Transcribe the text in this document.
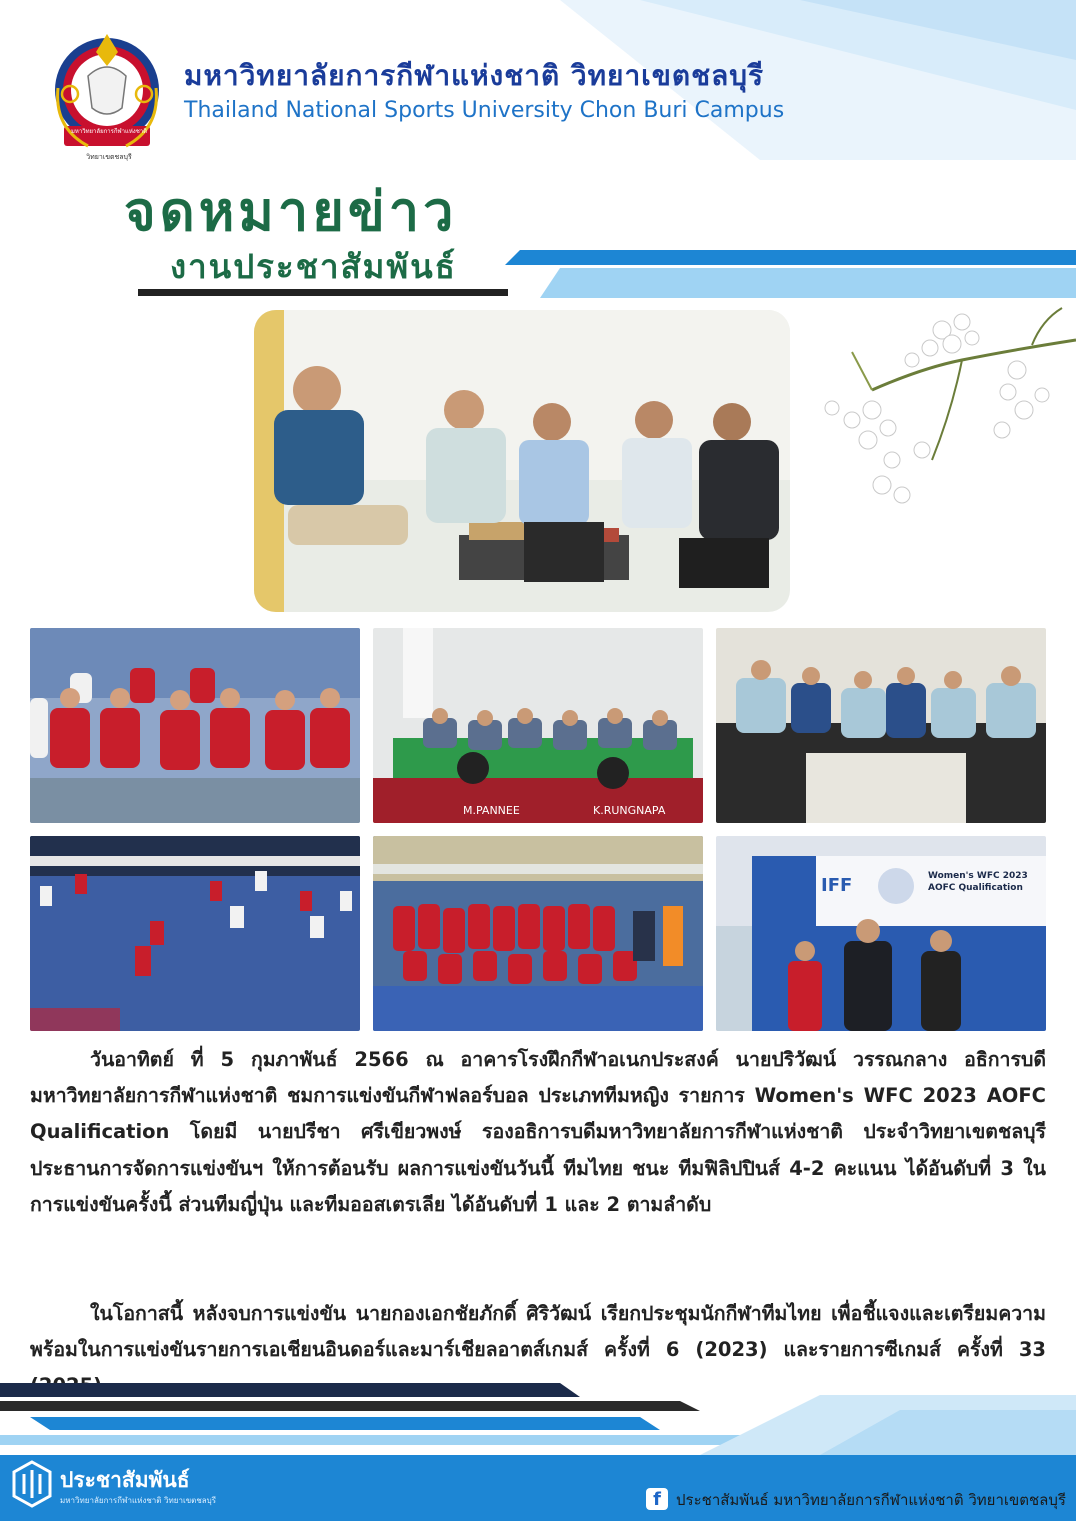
มหาวิทยาลัยการกีฬาแห่งชาติ
วิทยาเขตชลบุรี
มหาวิทยาลัยการกีฬาแห่งชาติ วิทยาเขตชลบุรี
Thailand National Sports University Chon Buri Campus
จดหมายข่าว
งานประชาสัมพันธ์
M.PANNEE	K.RUNGNAPA
IFF	Women's WFC 2023
AOFC Qualification
วันอาทิตย์ ที่ 5 กุมภาพันธ์ 2566 ณ อาคารโรงฝึกกีฬาอเนกประสงค์ นายปริวัฒน์ วรรณกลาง อธิการบดีมหาวิทยาลัยการกีฬาแห่งชาติ ชมการแข่งขันกีฬาฟลอร์บอล ประเภททีมหญิง รายการ Women's WFC 2023 AOFC Qualification โดยมี นายปรีชา ศรีเขียวพงษ์ รองอธิการบดีมหาวิทยาลัยการกีฬาแห่งชาติ ประจำวิทยาเขตชลบุรี ประธานการจัดการแข่งขันฯ ให้การต้อนรับ ผลการแข่งขันวันนี้ ทีมไทย ชนะ ทีมฟิลิปปินส์ 4-2 คะแนน ได้อันดับที่ 3 ในการแข่งขันครั้งนี้ ส่วนทีมญี่ปุ่น และทีมออสเตรเลีย ได้อันดับที่ 1 และ 2 ตามลำดับ
ในโอกาสนี้ หลังจบการแข่งขัน นายกองเอกชัยภักดิ์ ศิริวัฒน์ เรียกประชุมนักกีฬาทีมไทย เพื่อชี้แจงและเตรียมความพร้อมในการแข่งขันรายการเอเชียนอินดอร์และมาร์เชียลอาตส์เกมส์ ครั้งที่ 6 (2023) และรายการซีเกมส์ ครั้งที่ 33
ประชาสัมพันธ์
มหาวิทยาลัยการกีฬาแห่งชาติ วิทยาเขตชลบุรี	f	ประชาสัมพันธ์ มหาวิทยาลัยการกีฬาแห่งชาติ วิทยาเขตชลบุรี
